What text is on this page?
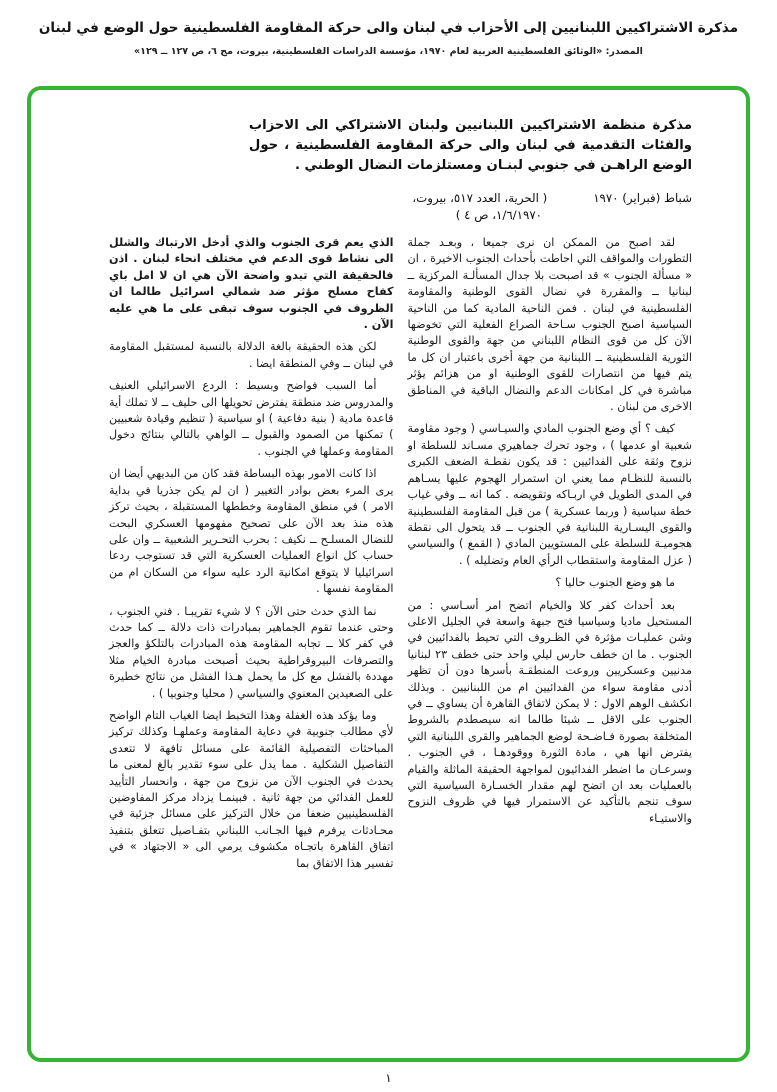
مذكرة الاشتراكيين اللبنانيين إلى الأحزاب في لبنان والى حركة المقاومة الفلسطينية حول الوضع في لبنان
المصدر: «الوثائق الفلسطينية العربية لعام ١٩٧٠، مؤسسة الدراسات الفلسطينية، بيروت، مج ٦، ص ١٢٧ ــ ١٢٩»
مذكرة منظمة الاشتراكيين اللبنانيين ولبنان الاشتراكي الى الاحزاب والفئات التقدمية في لبنان والى حركة المقاومة الفلسطينية ، حول الوضع الراهـن في جنوبي لبنـان ومستلزمات النضال الوطني .
شباط (فبراير) ١٩٧٠
( الحرية، العدد ٥١٧، بيروت،
١/٦/١٩٧٠، ص ٤ )

لقد اصبح من الممكن ان نرى جميعا ، وبعـد جملة التطورات والمواقف التي احاطت بأحداث الجنوب الاخيرة ، ان « مسألة الجنوب » قد اصبحت بلا جدال المسألـة المركزية ــ لبنانيا ــ والمقررة في نضال القوى الوطنية والمقاومة الفلسطينية في لبنان . فمن الناحية المادية كما من الناحية السياسية اصبح الجنوب سـاحة الصراع الفعلية التي تخوضها الآن كل من قوى النظام اللبناني من جهة والقوى الوطنية الثورية الفلسطينية ــ اللبنانية من جهة أخرى باعتبار ان كل ما يتم فيها من انتصارات للقوى الوطنية او من هزائم يؤثر مباشرة في كل امكانات الدعم والنضال الباقية في المناطق الاخرى من لبنان .

كيف ؟ أي وضع الجنوب المادي والسيـاسي ( وجود مقاومة شعبية او عدمها ) ، وجود تحرك جماهيري مسـاند للسلطة او نزوح وثقة على الفدائيين : قد يكون نقطـة الضعف الكبرى بالنسبة للنظـام مما يعني ان استمرار الهجوم عليها يسـاهم في المدى الطويل في اربـاكه وتقويضه . كما انه ــ وفي غياب خطة سياسية ( وربما عسكرية ) من قبل المقاومة الفلسطينية والقوى اليسـارية اللبنانية في الجنوب ــ قد يتحول الى نقطة هجوميـة للسلطة على المستويين المادي ( القمع ) والسياسي ( عزل المقاومة واستقطاب الرأي العام وتضليله ) .

ما هو وضع الجنوب حاليا ؟

بعد أحداث كفر كلا والخيام اتضح امر أسـاسي : من المستحيل ماديا وسياسيا فتح جبهة واسعة في الجليل الاعلى وشن عمليـات مؤثرة في الظـروف التي تحيط بالفدائيين في الجنوب . ما ان خطف حارس ليلي واحد حتى خطف ٢٣ لبنانيا مدنيين وعسكريين وروعت المنطقـة بأسرها دون أن تظهر أدنى مقاومة سواء من الفدائيين ام من اللبنانيين . وبذلك انكشف الوهم الاول : لا يمكن لاتفاق القاهرة أن يساوي ــ في الجنوب على الاقل ــ شيئا طالما انه سيصطدم بالشروط المتخلفة بصورة فـاضـحة لوضع الجماهير والقرى اللبنانية التي يفترض انها هي ، مادة الثورة ووقودهـا ، في الجنوب . وسرعـان ما اضطر الفدائيون لمواجهة الحقيقة الماثلة والقيام بالعمليات بعد ان اتضح لهم مقدار الخسـارة السياسية التي سوف تنجم بالتأكيد عن الاستمرار فيها في ظروف النزوح والاستيـاء

الذي يعم قرى الجنوب والذي أدخل الارتباك والشلل الى نشاط قوى الدعم في مختلف انحاء لبنان . اذن فالحقيقة التي تبدو واضحة الآن هي ان لا امل باي كفاح مسلح مؤثر ضد شمالي اسرائيل طالما ان الظروف في الجنوب سوف تبقى على ما هي عليه الآن .

لكن هذه الحقيقة بالغة الدلالة بالنسبة لمستقبل المقاومة في لبنان ــ وفي المنطقة ايضا .

أما السبب فواضح وبسيط : الردع الاسرائيلي العنيف والمدروس ضد منطقة يفترض تحويلها الى حليف ــ لا تملك أية قاعدة مادية ( بنية دفاعية ) او سياسية ( تنظيم وقيادة شعبيين ) تمكنها من الصمود والقبول ــ الواهي بالتالي بنتائج دخول المقاومة وعملها في الجنوب .

اذا كانت الامور بهذه البساطة فقد كان من البديهي أيضا ان يرى المرء بعض بوادر التغيير ( ان لم يكن جذريا في بداية الامر ) في منطق المقاومة وخططها المستقبلة ، بحيث تركز هذه منذ بعد الآن على تصحيح مفهومها العسكري البحت للنضال المسلـح ــ نكيف : بحرب التحـرير الشعبية ــ وان على حساب كل انواع العمليات العسكرية التي قد تستوجب ردعا اسرائيليا لا يتوقع امكانية الرد عليه سواء من السكان ام من المقاومة نفسها .

نما الذي حدث حتى الآن ؟ لا شيء تقريبـا . فني الجنوب ، وحتى عندما تقوم الجماهير بمبادرات ذات دلالة ــ كما حدث في كفر كلا ــ تجابه المقاومة هذه المبادرات بالتلكؤ والعجز والتصرفات البيروقراطية بحيث أصبحت مبادرة الخيام مثلا مهددة بالفشل مع كل ما يحمل هـذا الفشل من نتائج خطيرة على الصعيدين المعنوي والسياسي ( محليا وجنوبيا ) .

وما يؤكد هذه الغفلة وهذا التخبط ايضا الغياب التام الواضح لأي مطالب جنوبية في دعاية المقاومة وعملهـا وكذلك تركيز المباحثات التفصيلية القائمة على مسائل تافهة لا تتعدى التفاصيل الشكلية . مما يدل على سوء تقدير بالغ لمعنى ما يحدث في الجنوب الآن من نزوح من جهة ، وانحسار التأييد للعمل الفدائي من جهة ثانية . فبينمـا يزداد مركز المفاوضين الفلسطينيين ضعفا من خلال التركيز على مسائل جزئية في محـادثات يرفرم فيها الجـانب اللبناني بتفـاصيل تتعلق بتنفيذ اتفاق القاهرة باتجـاه مكشوف يرمي الى « الاجتهاد » في تفسير هذا الاتفاق بما

١
